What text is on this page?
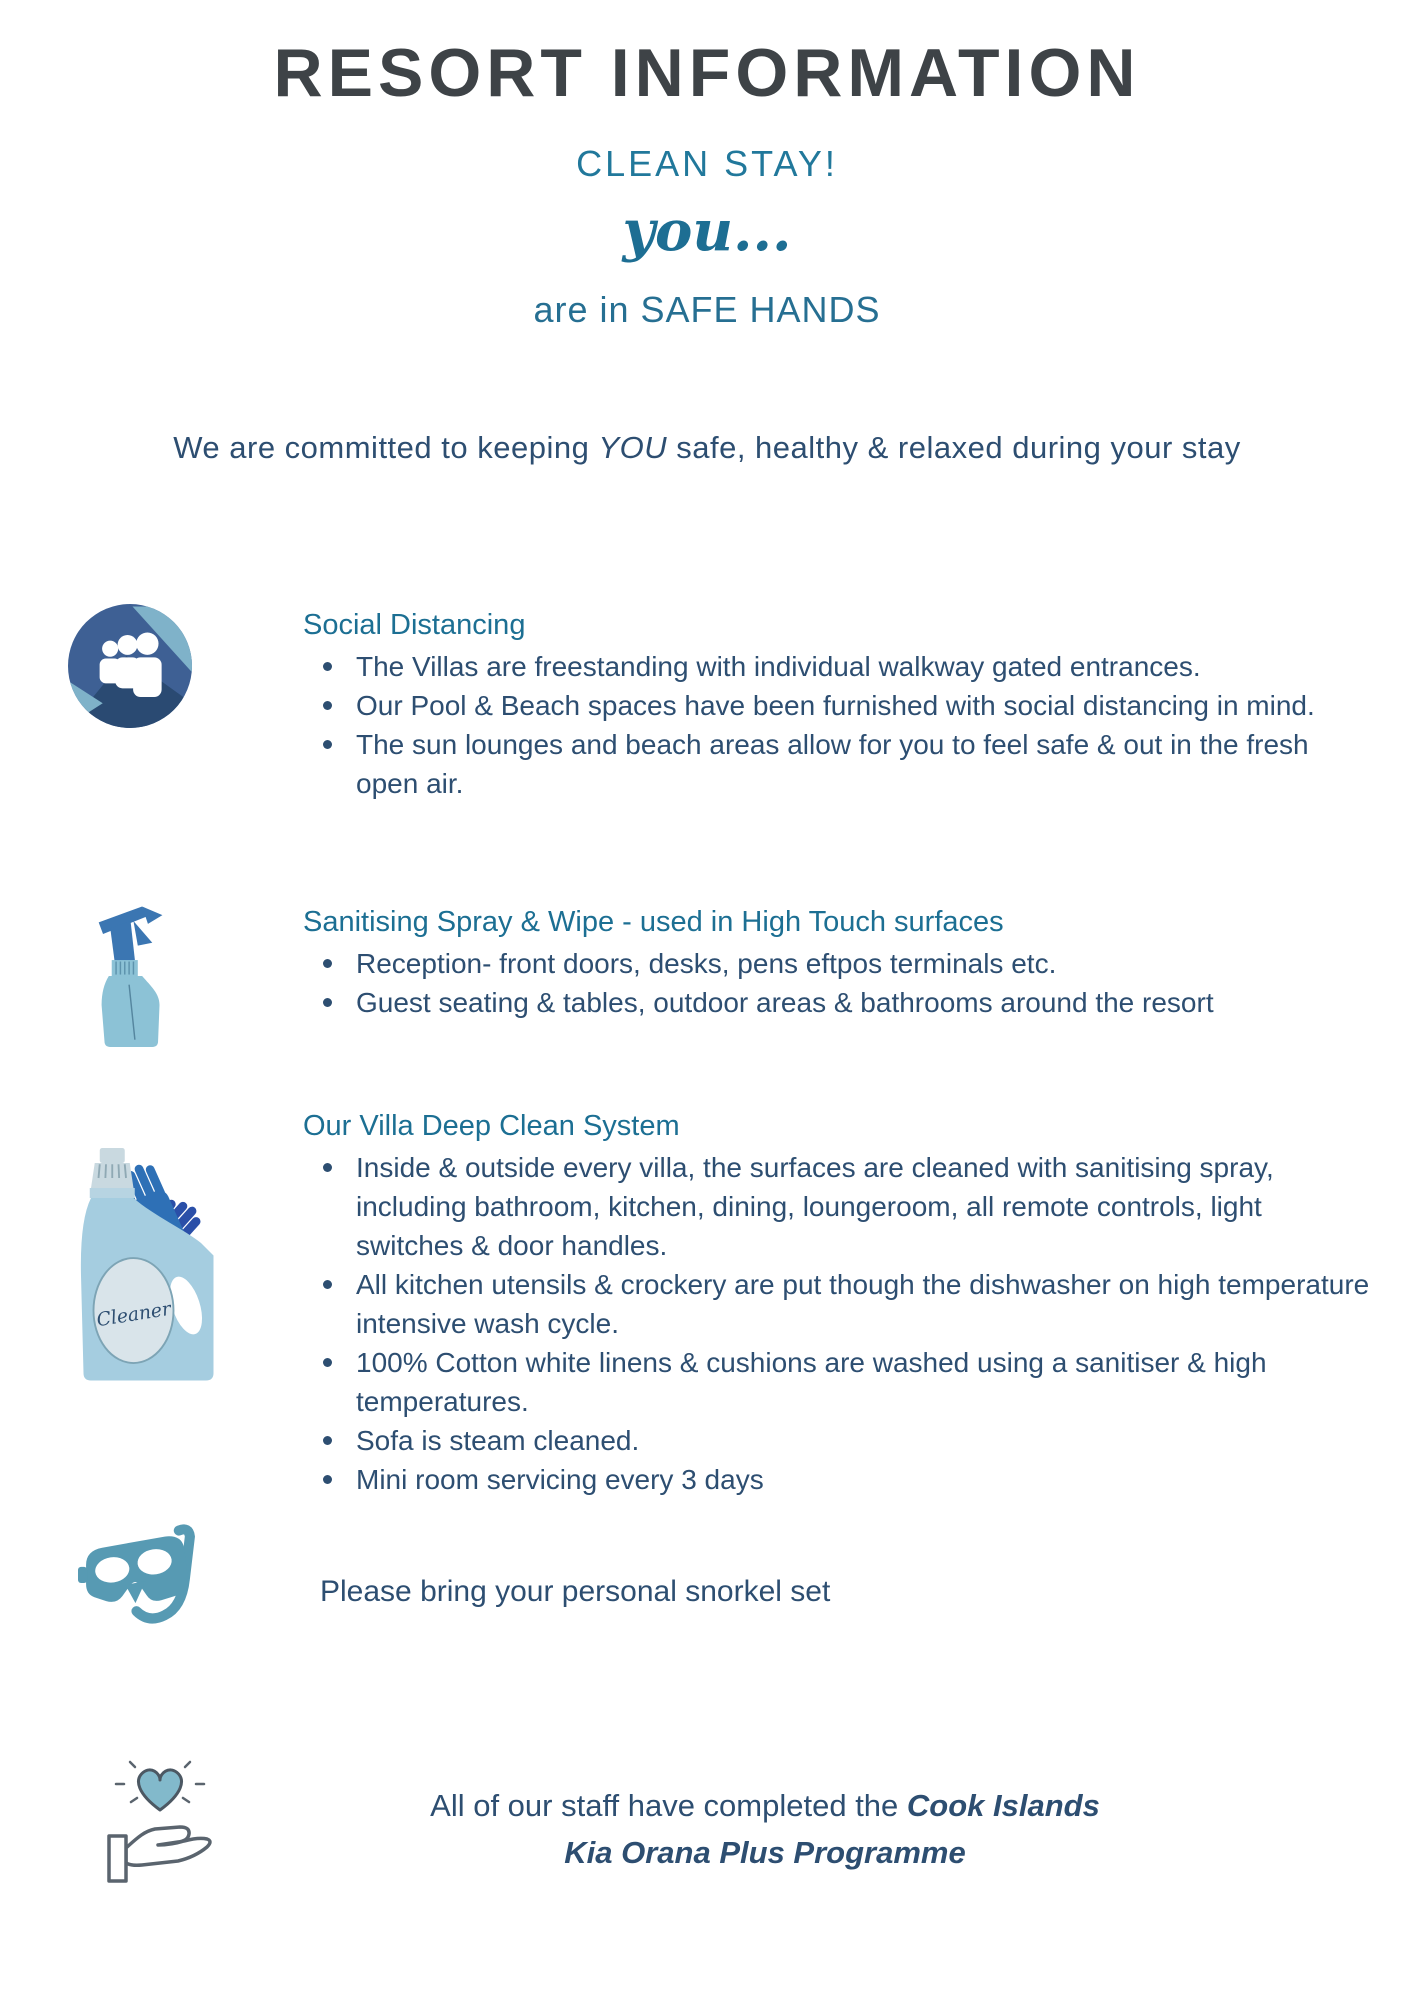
RESORT INFORMATION
CLEAN STAY!
you...
are in SAFE HANDS
We are committed to keeping YOU safe, healthy & relaxed during your stay
Social Distancing
The Villas are freestanding with individual walkway gated entrances.
Our Pool & Beach spaces have been furnished with social distancing in mind.
The sun lounges and beach areas allow for you to feel safe & out in the fresh open air.
Sanitising Spray & Wipe - used in High Touch surfaces
Reception- front doors, desks, pens eftpos terminals etc.
Guest seating & tables, outdoor areas & bathrooms around the resort
Cleaner
Our Villa Deep Clean System
Inside & outside every villa, the surfaces are cleaned with sanitising spray, including bathroom, kitchen, dining, loungeroom, all remote controls, light switches & door handles.
All kitchen utensils & crockery are put though the dishwasher on high temperature intensive wash cycle.
100% Cotton white linens & cushions are washed using a sanitiser & high temperatures.
Sofa is steam cleaned.
Mini room servicing every 3 days
Please bring your personal snorkel set
All of our staff have completed the Cook Islands
Kia Orana Plus Programme
